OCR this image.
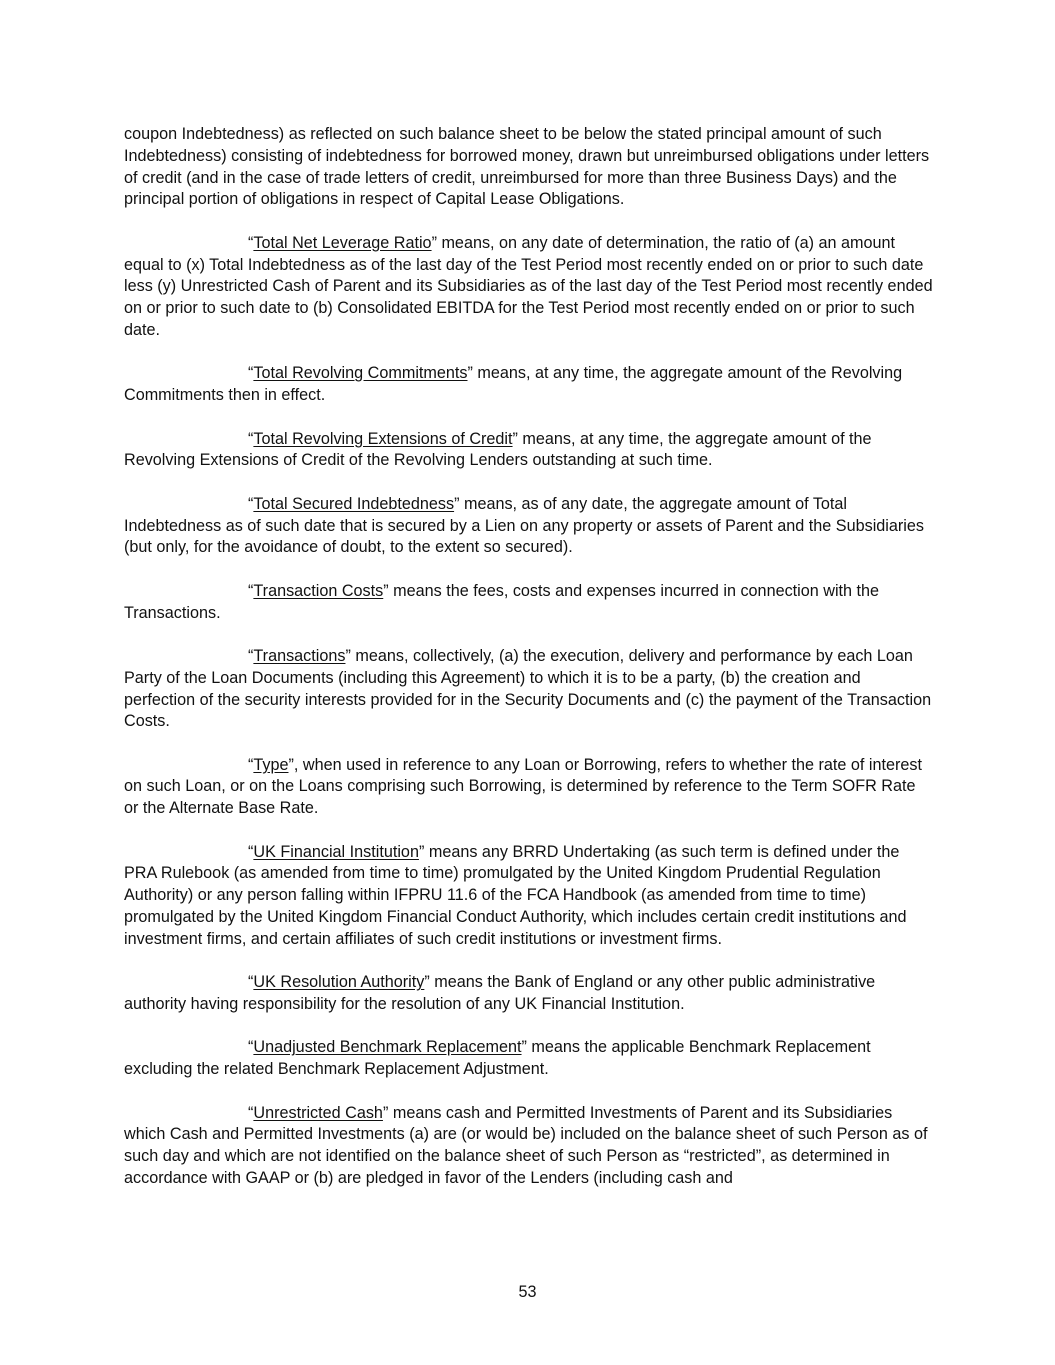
coupon Indebtedness) as reflected on such balance sheet to be below the stated principal amount of such Indebtedness) consisting of indebtedness for borrowed money, drawn but unreimbursed obligations under letters of credit (and in the case of trade letters of credit, unreimbursed for more than three Business Days) and the principal portion of obligations in respect of Capital Lease Obligations.

“Total Net Leverage Ratio” means, on any date of determination, the ratio of (a) an amount equal to (x) Total Indebtedness as of the last day of the Test Period most recently ended on or prior to such date less (y) Unrestricted Cash of Parent and its Subsidiaries as of the last day of the Test Period most recently ended on or prior to such date to (b) Consolidated EBITDA for the Test Period most recently ended on or prior to such date.

“Total Revolving Commitments” means, at any time, the aggregate amount of the Revolving Commitments then in effect.

“Total Revolving Extensions of Credit” means, at any time, the aggregate amount of the Revolving Extensions of Credit of the Revolving Lenders outstanding at such time.

“Total Secured Indebtedness” means, as of any date, the aggregate amount of Total Indebtedness as of such date that is secured by a Lien on any property or assets of Parent and the Subsidiaries (but only, for the avoidance of doubt, to the extent so secured).

“Transaction Costs” means the fees, costs and expenses incurred in connection with the Transactions.

“Transactions” means, collectively, (a) the execution, delivery and performance by each Loan Party of the Loan Documents (including this Agreement) to which it is to be a party, (b) the creation and perfection of the security interests provided for in the Security Documents and (c) the payment of the Transaction Costs.

“Type”, when used in reference to any Loan or Borrowing, refers to whether the rate of interest on such Loan, or on the Loans comprising such Borrowing, is determined by reference to the Term SOFR Rate or the Alternate Base Rate.

“UK Financial Institution” means any BRRD Undertaking (as such term is defined under the PRA Rulebook (as amended from time to time) promulgated by the United Kingdom Prudential Regulation Authority) or any person falling within IFPRU 11.6 of the FCA Handbook (as amended from time to time) promulgated by the United Kingdom Financial Conduct Authority, which includes certain credit institutions and investment firms, and certain affiliates of such credit institutions or investment firms.

“UK Resolution Authority” means the Bank of England or any other public administrative authority having responsibility for the resolution of any UK Financial Institution.

“Unadjusted Benchmark Replacement” means the applicable Benchmark Replacement excluding the related Benchmark Replacement Adjustment.

“Unrestricted Cash” means cash and Permitted Investments of Parent and its Subsidiaries which Cash and Permitted Investments (a) are (or would be) included on the balance sheet of such Person as of such day and which are not identified on the balance sheet of such Person as “restricted”, as determined in accordance with GAAP or (b) are pledged in favor of the Lenders (including cash and

53
